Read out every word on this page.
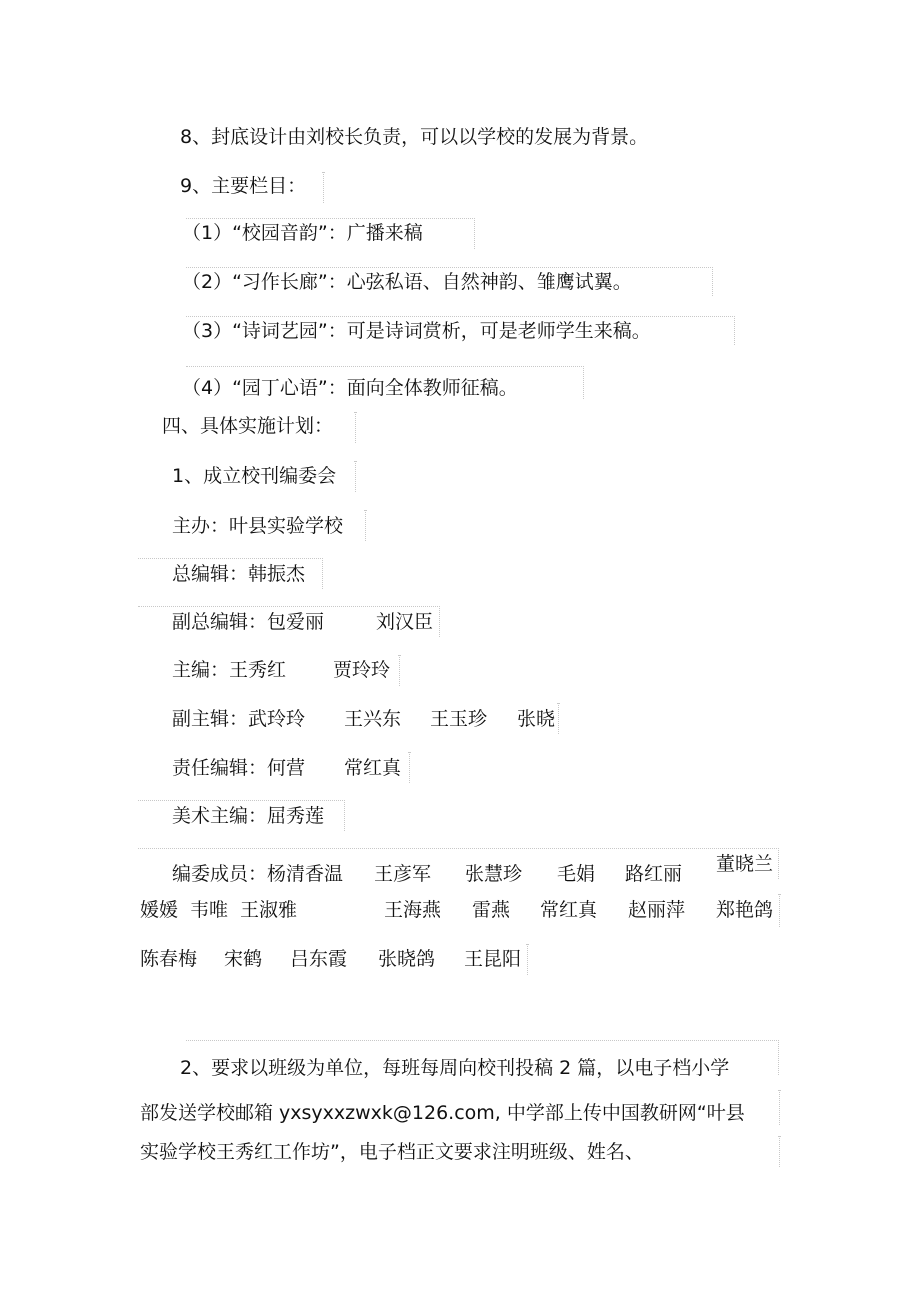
8、封底设计由刘校长负责，可以以学校的发展为背景。
9、主要栏目：
（1）“校园音韵”：广播来稿
（2）“习作长廊”：心弦私语、自然神韵、雏鹰试翼。
（3）“诗词艺园”：可是诗词赏析，可是老师学生来稿。
（4）“园丁心语”：面向全体教师征稿。
四、具体实施计划：
1、成立校刊编委会
主办：叶县实验学校
总编辑：韩振杰
副总编辑：包爱丽	刘汉臣
主编：王秀红 贾玲玲
副主辑：武玲玲 王兴东 王玉珍 张晓
责任编辑：何营 常红真
美术主编：屈秀莲
编委成员：杨清香温 王彦军 张慧珍 毛娟 路红丽 董晓兰
媛媛 韦唯 王淑雅	王海燕 雷燕 常红真 赵丽萍 郑艳鸽
陈春梅 宋鹤 吕东霞 张晓鸽 王昆阳
2、要求以班级为单位，每班每周向校刊投稿 2 篇，以电子档小学
部发送学校邮箱 yxsyxxzwxk@126.com, 中学部上传中国教研网“叶县
实验学校王秀红工作坊”，电子档正文要求注明班级、姓名、
